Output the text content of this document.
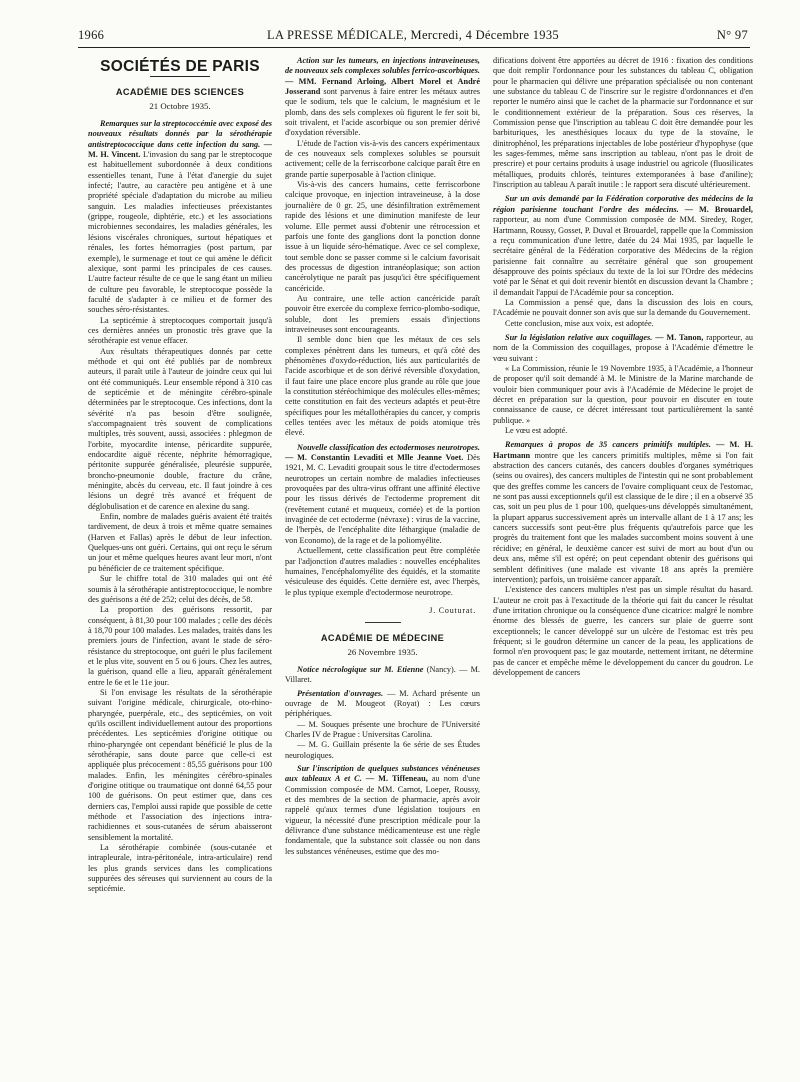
1966	LA PRESSE MÉDICALE, Mercredi, 4 Décembre 1935	N° 97
SOCIÉTÉS DE PARIS
ACADÉMIE DES SCIENCES
21 Octobre 1935.

Remarques sur la streptococcémie avec exposé des nouveaux résultats donnés par la sérothérapie antistreptococcique dans cette infection du sang. — M. H. Vincent. L'invasion du sang par le streptocoque est habituellement subordonnée à deux conditions essentielles tenant, l'une à l'état d'anergie du sujet infecté; l'autre, au caractère peu antigène et à une propriété spéciale d'adaptation du microbe au milieu sanguin. Les maladies infectieuses préexistantes (grippe, rougeole, diphtérie, etc.) et les associations microbiennes secondaires, les maladies générales, les lésions viscérales chroniques, surtout hépatiques et rénales, les fortes hémorragies (post partum, par exemple), le surmenage et tout ce qui amène le déficit alexique, sont parmi les principales de ces causes. L'autre facteur résulte de ce que le sang étant un milieu de culture peu favorable, le streptocoque possède la faculté de s'adapter à ce milieu et de former des souches séro-résistantes.

La septicémie à streptocoques comportait jusqu'à ces dernières années un pronostic très grave que la sérothérapie est venue effacer.

Aux résultats thérapeutiques donnés par cette méthode et qui ont été publiés par de nombreux auteurs, il paraît utile à l'auteur de joindre ceux qui lui ont été communiqués. Leur ensemble répond à 310 cas de septicémie et de méningite cérébro-spinale déterminées par le streptocoque. Ces infections, dont la sévérité n'a pas besoin d'être soulignée, s'accompagnaient très souvent de complications multiples, très souvent, aussi, associées : phlegmon de l'orbite, myocardite intense, péricardite suppurée, endocardite aiguë récente, néphrite hémorragique, péritonite suppurée généralisée, pleurésie suppurée, broncho-pneumonie double, fracture du crâne, méningite, abcès du cerveau, etc. Il faut joindre à ces lésions un degré très avancé et fréquent de déglobulisation et de carence en alexine du sang.

Enfin, nombre de malades guéris avaient été traités tardivement, de deux à trois et même quatre semaines (Harven et Fallas) après le début de leur infection. Quelques-uns ont guéri. Certains, qui ont reçu le sérum un jour et même quelques heures avant leur mort, n'ont pu bénéficier de ce traitement spécifique.

Sur le chiffre total de 310 malades qui ont été soumis à la sérothérapie antistreptococcique, le nombre des guérisons a été de 252; celui des décès, de 58.

La proportion des guérisons ressortit, par conséquent, à 81,30 pour 100 malades ; celle des décès à 18,70 pour 100 malades. Les malades, traités dans les premiers jours de l'infection, avant le stade de séro-résistance du streptocoque, ont guéri le plus facilement et le plus vite, souvent en 5 ou 6 jours. Chez les autres, la guérison, quand elle a lieu, apparaît généralement entre le 6e et le 11e jour.

Si l'on envisage les résultats de la sérothérapie suivant l'origine médicale, chirurgicale, oto-rhino-pharyngée, puerpérale, etc., des septicémies, on voit qu'ils oscillent individuellement autour des proportions précédentes. Les septicémies d'origine otitique ou rhino-pharyngée ont cependant bénéficié le plus de la sérothérapie, sans doute parce que celle-ci est appliquée plus précocement : 85,55 guérisons pour 100 malades. Enfin, les méningites cérébro-spinales d'origine otitique ou traumatique ont donné 64,55 pour 100 de guérisons. On peut estimer que, dans ces derniers cas, l'emploi aussi rapide que possible de cette méthode et l'association des injections intra-rachidiennes et sous-cutanées de sérum abaisseront sensiblement la mortalité.

La sérothérapie combinée (sous-cutanée et intrapleurale, intra-péritonéale, intra-articulaire) rend les plus grands services dans les complications suppurées des séreuses qui surviennent au cours de la septicémie.

Action sur les tumeurs, en injections intraveineuses, de nouveaux sels complexes solubles ferrico-ascorbiques. — MM. Fernand Arloing, Albert Morel et André Josserand sont parvenus à faire entrer les métaux autres que le sodium, tels que le calcium, le magnésium et le plomb, dans des sels complexes où figurent le fer soit bi, soit trivalent, et l'acide ascorbique ou son premier dérivé d'oxydation réversible.

L'étude de l'action vis-à-vis des cancers expérimentaux de ces nouveaux sels complexes solubles se poursuit activement; celle de la ferriscorbone calcique paraît être en grande partie superposable à l'action clinique.

Vis-à-vis des cancers humains, cette ferriscorbone calcique provoque, en injection intraveineuse, à la dose journalière de 0 gr. 25, une désinfiltration extrêmement rapide des lésions et une diminution manifeste de leur volume. Elle permet aussi d'obtenir une rétrocession et parfois une fonte des ganglions dont la ponction donne issue à un liquide séro-hématique. Avec ce sel complexe, tout semble donc se passer comme si le calcium favorisait des processus de digestion intranéoplasique; son action cancérolytique ne paraît pas jusqu'ici être spécifiquement cancéricide.

Au contraire, une telle action cancéricide paraît pouvoir être exercée du complexe ferrico-plombo-sodique, soluble, dont les premiers essais d'injections intraveineuses sont encourageants.

Il semble donc bien que les métaux de ces sels complexes pénètrent dans les tumeurs, et qu'à côté des phénomènes d'oxydo-réduction, liés aux particularités de l'acide ascorbique et de son dérivé réversible d'oxydation, il faut faire une place encore plus grande au rôle que joue la constitution stéréochimique des molécules elles-mêmes; cette constitution en fait des vecteurs adaptés et peut-être spécifiques pour les métallothérapies du cancer, y compris celles tentées avec les métaux de poids atomique très élevé.

Nouvelle classification des ectodermoses neurotropes. — M. Constantin Levaditi et Mlle Jeanne Voet. Dès 1921, M. C. Levaditi groupait sous le titre d'ectodermoses neurotropes un certain nombre de maladies infectieuses provoquées par des ultra-virus offrant une affinité élective pour les tissus dérivés de l'ectoderme proprement dit (revêtement cutané et muqueux, cornée) et de la portion invaginée de cet ectoderme (névraxe) : virus de la vaccine, de l'herpès, de l'encéphalite dite léthargique (maladie de von Economo), de la rage et de la poliomyélite.

Actuellement, cette classification peut être complétée par l'adjonction d'autres maladies : nouvelles encéphalites humaines, l'encéphalomyélite des équidés, et la stomatite vésiculeuse des équidés. Cette dernière est, avec l'herpès, le plus typique exemple d'ectodermose neurotrope.

J. Couturat.
ACADÉMIE DE MÉDECINE
26 Novembre 1935.

Notice nécrologique sur M. Etienne (Nancy). — M. Villaret.

Présentation d'ouvrages. — M. Achard présente un ouvrage de M. Mougeot (Royat) : Les cœurs périphériques.

— M. Souques présente une brochure de l'Université Charles IV de Prague : Universitas Carolina.

— M. G. Guillain présente la 6e série de ses Études neurologiques.

Sur l'inscription de quelques substances vénéneuses aux tableaux A et C. — M. Tiffeneau, au nom d'une Commission composée de MM. Carnot, Loeper, Roussy, et des membres de la section de pharmacie, après avoir rappelé qu'aux termes d'une législation toujours en vigueur, la nécessité d'une prescription médicale pour la délivrance d'une substance médicamenteuse est une règle fondamentale, que la substance soit classée ou non dans les substances vénéneuses, estime que des mo-

difications doivent être apportées au décret de 1916 : fixation des conditions que doit remplir l'ordonnance pour les substances du tableau C, obligation pour le pharmacien qui délivre une préparation spécialisée ou non contenant une substance du tableau C de l'inscrire sur le registre d'ordonnances et d'en reporter le numéro ainsi que le cachet de la pharmacie sur l'ordonnance et sur le conditionnement extérieur de la préparation. Sous ces réserves, la Commission pense que l'inscription au tableau C doit être demandée pour les barbituriques, les anesthésiques locaux du type de la stovaïne, le dinitrophénol, les préparations injectables de lobe postérieur d'hypophyse (que les sages-femmes, même sans inscription au tableau, n'ont pas le droit de prescrire) et pour certains produits à usage industriel ou agricole (fluosilicates métalliques, produits chlorés, teintures extemporanées à base d'aniline); l'inscription au tableau A paraît inutile : le rapport sera discuté ultérieurement.

Sur un avis demandé par la Fédération corporative des médecins de la région parisienne touchant l'ordre des médecins. — M. Brouardel, rapporteur, au nom d'une Commission composée de MM. Siredey, Roger, Hartmann, Roussy, Gosset, P. Duval et Brouardel, rappelle que la Commission a reçu communication d'une lettre, datée du 24 Mai 1935, par laquelle le secrétaire général de la Fédération corporative des Médecins de la région parisienne fait connaître au secrétaire général que son groupement désapprouve des points spéciaux du texte de la loi sur l'Ordre des médecins voté par le Sénat et qui doit revenir bientôt en discussion devant la Chambre ; il demandait l'appui de l'Académie pour sa conception.

La Commission a pensé que, dans la discussion des lois en cours, l'Académie ne pouvait donner son avis que sur la demande du Gouvernement.

Cette conclusion, mise aux voix, est adoptée.

Sur la législation relative aux coquillages. — M. Tanon, rapporteur, au nom de la Commission des coquillages, propose à l'Académie d'émettre le vœu suivant :

« La Commission, réunie le 19 Novembre 1935, à l'Académie, a l'honneur de proposer qu'il soit demandé à M. le Ministre de la Marine marchande de vouloir bien communiquer pour avis à l'Académie de Médecine le projet de décret en préparation sur la question, pour pouvoir en discuter en toute connaissance de cause, ce décret intéressant tout particulièrement la santé publique. »

Le vœu est adopté.

Remarques à propos de 35 cancers primitifs multiples. — M. H. Hartmann montre que les cancers primitifs multiples, même si l'on fait abstraction des cancers cutanés, des cancers doubles d'organes symétriques (seins ou ovaires), des cancers multiples de l'intestin qui ne sont probablement que des greffes comme les cancers de l'ovaire compliquant ceux de l'estomac, ne sont pas aussi exceptionnels qu'il est classique de le dire ; il en a observé 35 cas, soit un peu plus de 1 pour 100, quelques-uns développés simultanément, la plupart apparus successivement après un intervalle allant de 1 à 17 ans; les cancers successifs sont peut-être plus fréquents qu'autrefois parce que les progrès du traitement font que les malades succombent moins souvent à une récidive; en général, le deuxième cancer est suivi de mort au bout d'un ou deux ans, même s'il est opéré; on peut cependant obtenir des guérisons qui semblent définitives (une malade est vivante 18 ans après la première intervention); parfois, un troisième cancer apparaît.

L'existence des cancers multiples n'est pas un simple résultat du hasard. L'auteur ne croit pas à l'exactitude de la théorie qui fait du cancer le résultat d'une irritation chronique ou la conséquence d'une cicatrice: malgré le nombre énorme des blessés de guerre, les cancers sur plaie de guerre sont exceptionnels; le cancer développé sur un ulcère de l'estomac est très peu fréquent; si le goudron détermine un cancer de la peau, les applications de formol n'en provoquent pas; le gaz moutarde, nettement irritant, ne détermine pas de cancer et empêche même le développement du cancer du goudron. Le développement de cancers
